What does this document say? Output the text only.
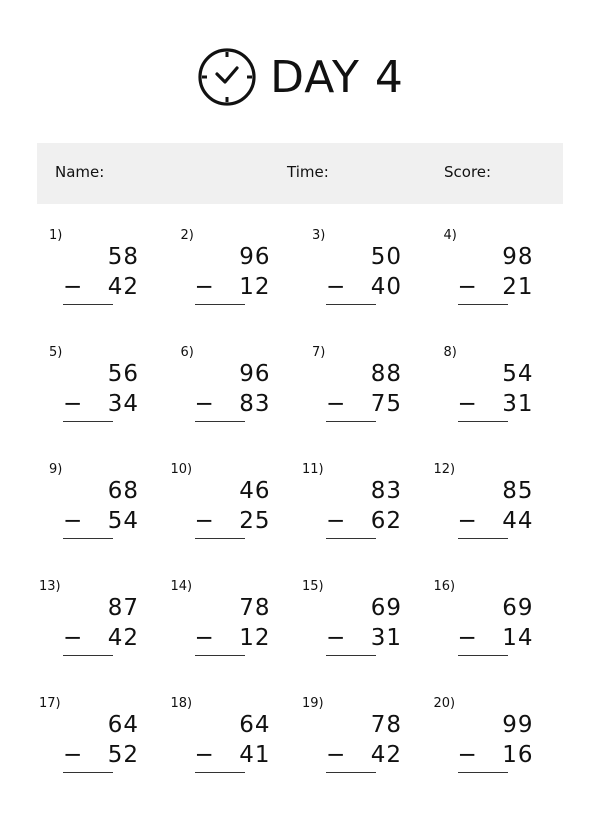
DAY 4
Name:	Time:	Score:
1)
58
− 42
2)
96
− 12
3)
50
− 40
4)
98
− 21
5)
56
− 34
6)
96
− 83
7)
88
− 75
8)
54
− 31
9)
68
− 54
10)
46
− 25
11)
83
− 62
12)
85
− 44
13)
87
− 42
14)
78
− 12
15)
69
− 31
16)
69
− 14
17)
64
− 52
18)
64
− 41
19)
78
− 42
20)
99
− 16
